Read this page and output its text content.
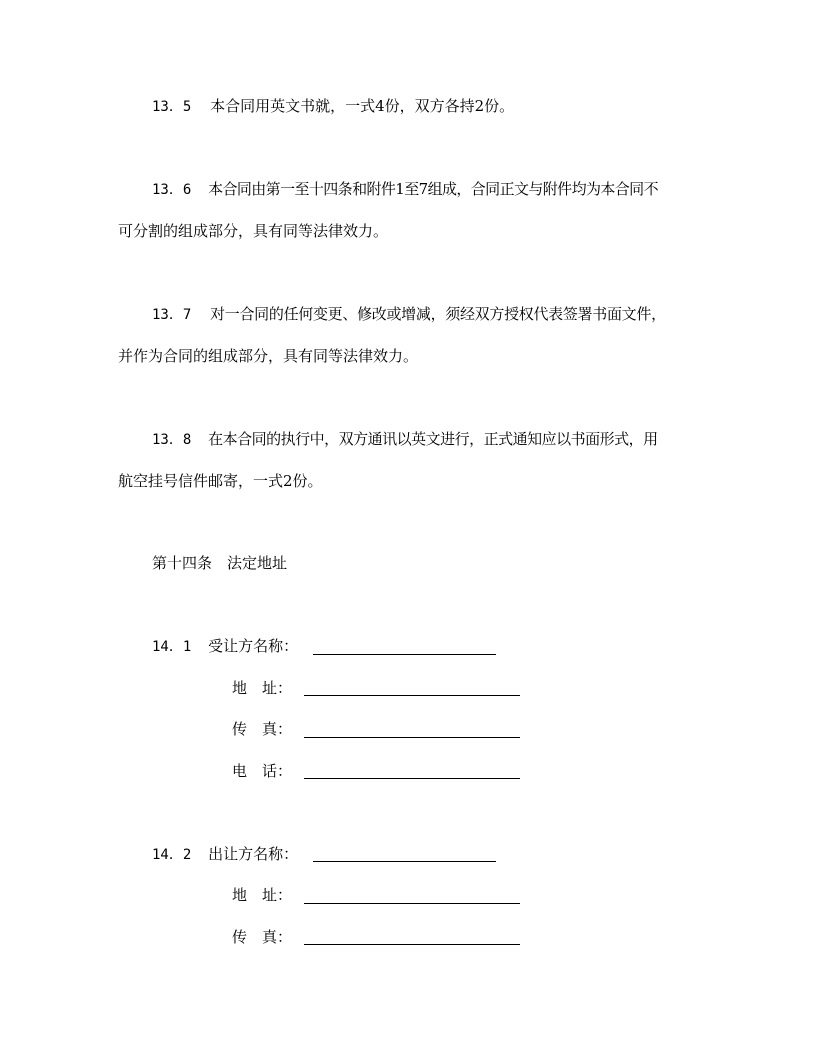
13．5 本合同用英文书就，一式4份，双方各持2份。
13．6 本合同由第一至十四条和附件1至7组成，合同正文与附件均为本合同不
可分割的组成部分，具有同等法律效力。
13．7 对一合同的任何变更、修改或增减，须经双方授权代表签署书面文件，
并作为合同的组成部分，具有同等法律效力。
13．8 在本合同的执行中，双方通讯以英文进行，正式通知应以书面形式，用
航空挂号信件邮寄，一式2份。
第十四条　法定地址
14．1 受让方名称：
地　址：
传　真：
电　话：
14．2 出让方名称：
地　址：
传　真：
